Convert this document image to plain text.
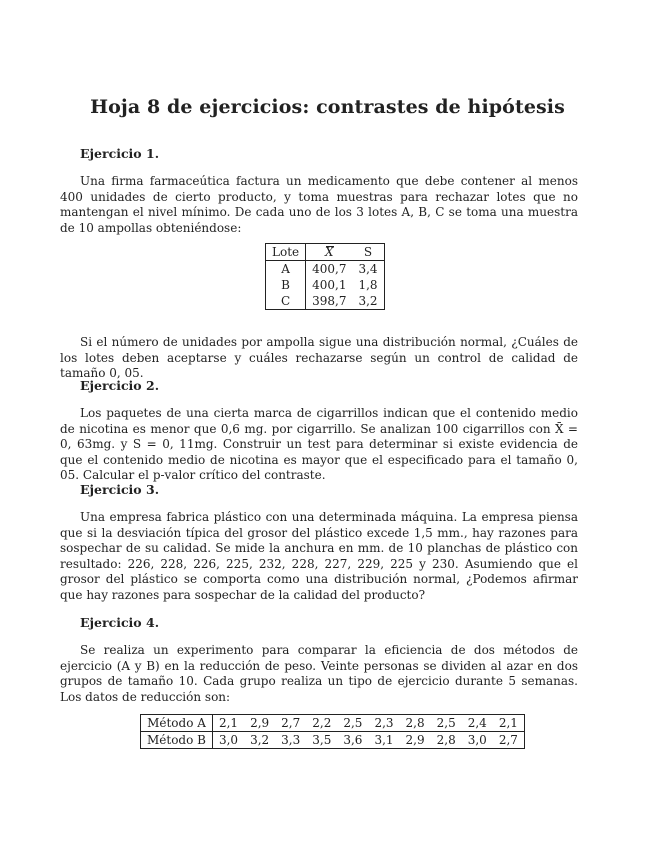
Hoja 8 de ejercicios: contrastes de hipótesis

Ejercicio 1.

Una firma farmaceútica factura un medicamento que debe contener al menos 400 unidades de cierto producto, y toma muestras para rechazar lotes que no mantengan el nivel mínimo. De cada uno de los 3 lotes A, B, C se toma una muestra de 10 ampollas obteniéndose:

Lote	X	S
A	400,7	3,4
B	400,1	1,8
C	398,7	3,2

Si el número de unidades por ampolla sigue una distribución normal, ¿Cuáles de los lotes deben aceptarse y cuáles rechazarse según un control de calidad de tamaño 0, 05.

Ejercicio 2.

Los paquetes de una cierta marca de cigarrillos indican que el contenido medio de nicotina es menor que 0,6 mg. por cigarrillo. Se analizan 100 cigarrillos con X̄ = 0, 63mg. y S = 0, 11mg. Construir un test para determinar si existe evidencia de que el contenido medio de nicotina es mayor que el especificado para el tamaño 0, 05. Calcular el p-valor crítico del contraste.

Ejercicio 3.

Una empresa fabrica plástico con una determinada máquina. La empresa piensa que si la desviación típica del grosor del plástico excede 1,5 mm., hay razones para sospechar de su calidad. Se mide la anchura en mm. de 10 planchas de plástico con resultado: 226, 228, 226, 225, 232, 228, 227, 229, 225 y 230. Asumiendo que el grosor del plástico se comporta como una distribución normal, ¿Podemos afirmar que hay razones para sospechar de la calidad del producto?

Ejercicio 4.

Se realiza un experimento para comparar la eficiencia de dos métodos de ejercicio (A y B) en la reducción de peso. Veinte personas se dividen al azar en dos grupos de tamaño 10. Cada grupo realiza un tipo de ejercicio durante 5 semanas. Los datos de reducción son:

Método A	2,1	2,9	2,7	2,2	2,5	2,3	2,8	2,5	2,4	2,1
Método B	3,0	3,2	3,3	3,5	3,6	3,1	2,9	2,8	3,0	2,7
